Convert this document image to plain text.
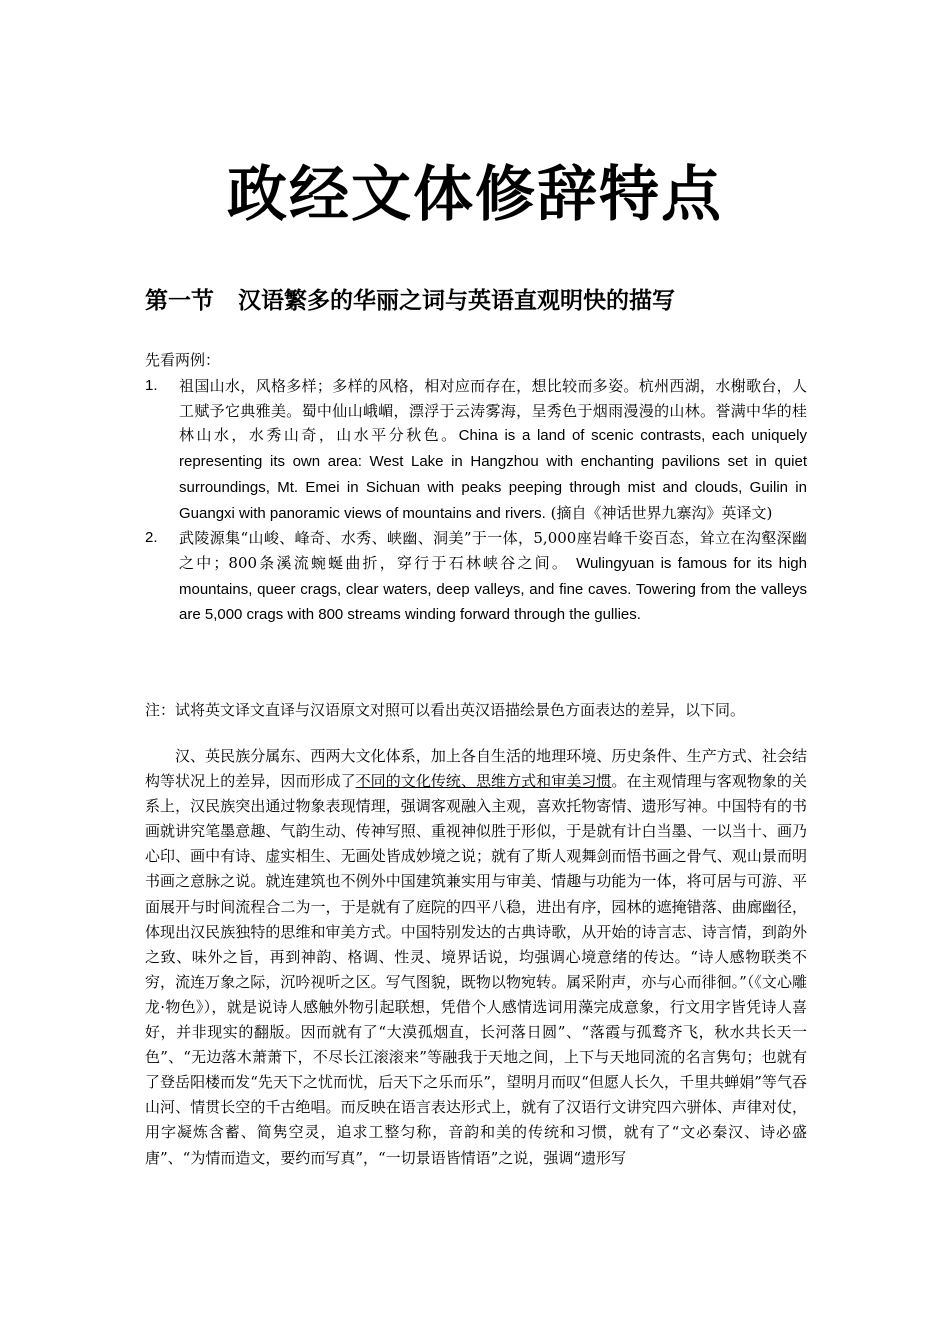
政经文体修辞特点
第一节 汉语繁多的华丽之词与英语直观明快的描写
先看两例：
1. 祖国山水，风格多样；多样的风格，相对应而存在，想比较而多姿。杭州西湖，水榭歌台，人工赋予它典雅美。蜀中仙山峨嵋，漂浮于云涛雾海，呈秀色于烟雨漫漫的山林。誉满中华的桂林山水，水秀山奇，山水平分秋色。China is a land of scenic contrasts, each uniquely representing its own area: West Lake in Hangzhou with enchanting pavilions set in quiet surroundings, Mt. Emei in Sichuan with peaks peeping through mist and clouds, Guilin in Guangxi with panoramic views of mountains and rivers. (摘自《神话世界九寨沟》英译文)
2. 武陵源集“山峻、峰奇、水秀、峡幽、洞美”于一体，5,000座岩峰千姿百态，耸立在沟壑深幽之中；800条溪流蜿蜒曲折，穿行于石林峡谷之间。 Wulingyuan is famous for its high mountains, queer crags, clear waters, deep valleys, and fine caves. Towering from the valleys are 5,000 crags with 800 streams winding forward through the gullies.
注：试将英文译文直译与汉语原文对照可以看出英汉语描绘景色方面表达的差异，以下同。
汉、英民族分属东、西两大文化体系，加上各自生活的地理环境、历史条件、生产方式、社会结构等状况上的差异，因而形成了不同的文化传统、思维方式和审美习惯。在主观情理与客观物象的关系上，汉民族突出通过物象表现情理，强调客观融入主观，喜欢托物寄情、遗形写神。中国特有的书画就讲究笔墨意趣、气韵生动、传神写照、重视神似胜于形似，于是就有计白当墨、一以当十、画乃心印、画中有诗、虚实相生、无画处皆成妙境之说；就有了斯人观舞剑而悟书画之骨气、观山景而明书画之意脉之说。就连建筑也不例外中国建筑兼实用与审美、情趣与功能为一体，将可居与可游、平面展开与时间流程合二为一，于是就有了庭院的四平八稳，进出有序，园林的遮掩错落、曲廊幽径，体现出汉民族独特的思维和审美方式。中国特别发达的古典诗歌，从开始的诗言志、诗言情，到韵外之致、味外之旨，再到神韵、格调、性灵、境界话说，均强调心境意绪的传达。“诗人感物联类不穷，流连万象之际，沉吟视听之区。写气图貌，既物以物宛转。属采附声，亦与心而徘徊。”（《文心雕龙·物色》），就是说诗人感触外物引起联想，凭借个人感情选词用藻完成意象，行文用字皆凭诗人喜好，并非现实的翻版。因而就有了“大漠孤烟直，长河落日圆”、“落霞与孤鹜齐飞，秋水共长天一色”、“无边落木萧萧下，不尽长江滚滚来”等融我于天地之间，上下与天地同流的名言隽句；也就有了登岳阳楼而发“先天下之忧而忧，后天下之乐而乐”，望明月而叹“但愿人长久，千里共蝉娟”等气吞山河、情贯长空的千古绝唱。而反映在语言表达形式上，就有了汉语行文讲究四六骈体、声律对仗，用字凝炼含蓄、简隽空灵，追求工整匀称，音韵和美的传统和习惯，就有了“文必秦汉、诗必盛唐”、“为情而造文，要约而写真”，“一切景语皆情语”之说，强调“遗形写
